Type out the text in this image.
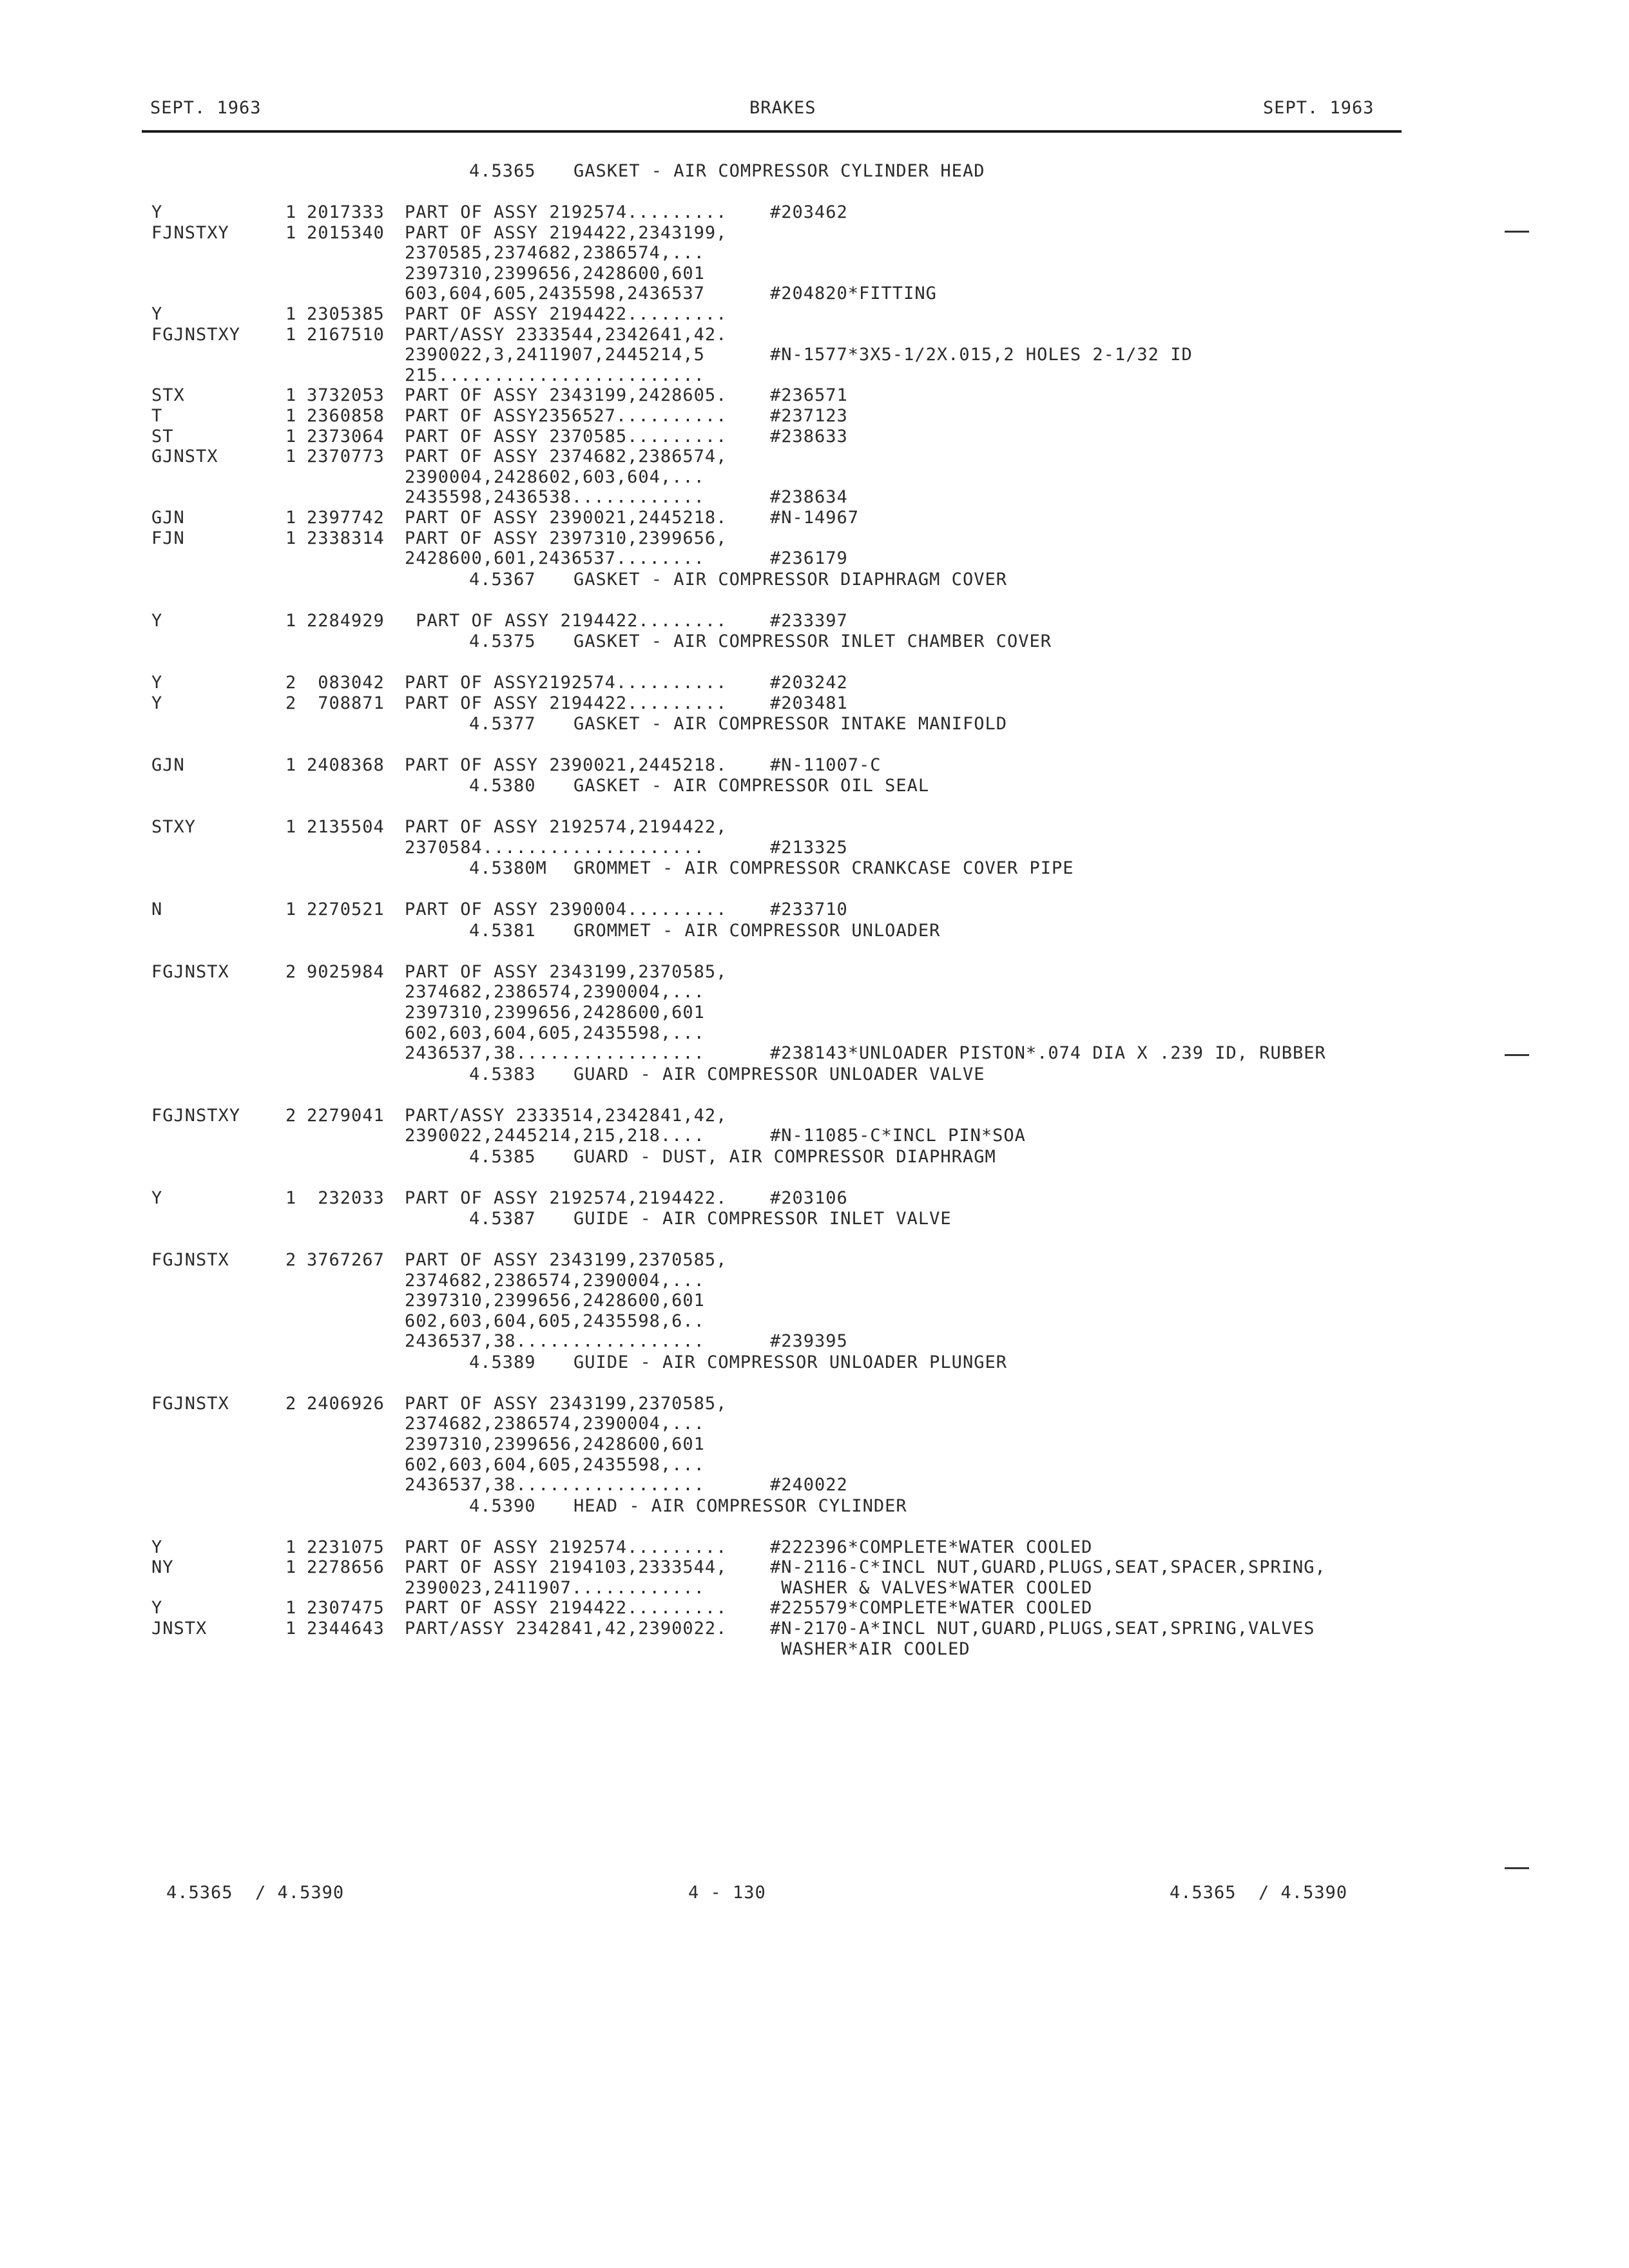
SEPT. 1963	BRAKES	SEPT. 1963
4.5365 GASKET - AIR COMPRESSOR CYLINDER HEAD
Y	1 2017333 PART OF ASSY 2192574......... #203462
FJNSTXY	1 2015340 PART OF ASSY 2194422,2343199,
2370585,2374682,2386574,...
2397310,2399656,2428600,601
603,604,605,2435598,2436537	#204820*FITTING
Y	1 2305385 PART OF ASSY 2194422.........
FGJNSTXY	1 2167510 PART/ASSY 2333544,2342641,42.
2390022,3,2411907,2445214,5	#N-1577*3X5-1/2X.015,2 HOLES 2-1/32 ID
215........................
STX	1 3732053 PART OF ASSY 2343199,2428605. #236571
T	1 2360858 PART OF ASSY2356527.......... #237123
ST	1 2373064 PART OF ASSY 2370585......... #238633
GJNSTX	1 2370773 PART OF ASSY 2374682,2386574,
2390004,2428602,603,604,...
2435598,2436538............	#238634
GJN	1 2397742 PART OF ASSY 2390021,2445218. #N-14967
FJN	1 2338314 PART OF ASSY 2397310,2399656,
2428600,601,2436537........	#236179
4.5367 GASKET - AIR COMPRESSOR DIAPHRAGM COVER
Y	1 2284929 PART OF ASSY 2194422........ #233397
4.5375 GASKET - AIR COMPRESSOR INLET CHAMBER COVER
Y	2 083042 PART OF ASSY2192574.......... #203242
Y	2 708871 PART OF ASSY 2194422......... #203481
4.5377 GASKET - AIR COMPRESSOR INTAKE MANIFOLD
GJN	1 2408368 PART OF ASSY 2390021,2445218. #N-11007-C
4.5380 GASKET - AIR COMPRESSOR OIL SEAL
STXY	1 2135504 PART OF ASSY 2192574,2194422,
2370584....................	#213325
4.5380M GROMMET - AIR COMPRESSOR CRANKCASE COVER PIPE
N	1 2270521 PART OF ASSY 2390004......... #233710
4.5381 GROMMET - AIR COMPRESSOR UNLOADER
FGJNSTX	2 9025984 PART OF ASSY 2343199,2370585,
2374682,2386574,2390004,...
2397310,2399656,2428600,601
602,603,604,605,2435598,...
2436537,38.................	#238143*UNLOADER PISTON*.074 DIA X .239 ID, RUBBER
4.5383 GUARD - AIR COMPRESSOR UNLOADER VALVE
FGJNSTXY	2 2279041 PART/ASSY 2333514,2342841,42,
2390022,2445214,215,218....	#N-11085-C*INCL PIN*SOA
4.5385 GUARD - DUST, AIR COMPRESSOR DIAPHRAGM
Y	1 232033 PART OF ASSY 2192574,2194422. #203106
4.5387 GUIDE - AIR COMPRESSOR INLET VALVE
FGJNSTX	2 3767267 PART OF ASSY 2343199,2370585,
2374682,2386574,2390004,...
2397310,2399656,2428600,601
602,603,604,605,2435598,6..
2436537,38.................	#239395
4.5389 GUIDE - AIR COMPRESSOR UNLOADER PLUNGER
FGJNSTX	2 2406926 PART OF ASSY 2343199,2370585,
2374682,2386574,2390004,...
2397310,2399656,2428600,601
602,603,604,605,2435598,...
2436537,38.................	#240022
4.5390 HEAD - AIR COMPRESSOR CYLINDER
Y	1 2231075 PART OF ASSY 2192574......... #222396*COMPLETE*WATER COOLED
NY	1 2278656 PART OF ASSY 2194103,2333544, #N-2116-C*INCL NUT,GUARD,PLUGS,SEAT,SPACER,SPRING,
2390023,2411907............	WASHER & VALVES*WATER COOLED
Y	1 2307475 PART OF ASSY 2194422......... #225579*COMPLETE*WATER COOLED
JNSTX	1 2344643 PART/ASSY 2342841,42,2390022. #N-2170-A*INCL NUT,GUARD,PLUGS,SEAT,SPRING,VALVES
WASHER*AIR COOLED
4.5365  / 4.5390	4 - 130	4.5365  / 4.5390
